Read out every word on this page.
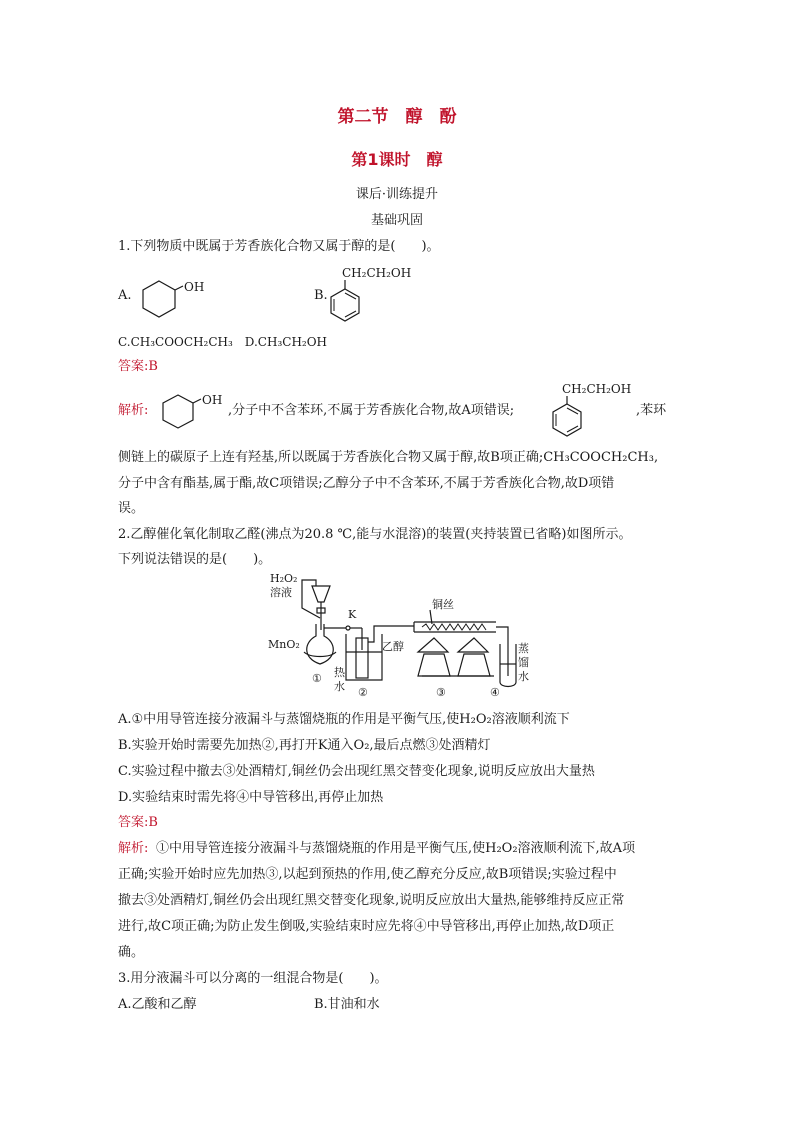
第二节　醇　酚
第1课时　醇
课后·训练提升
基础巩固
1.下列物质中既属于芳香族化合物又属于醇的是(　　)。
A.
OH
B.
CH₂CH₂OH
C.CH₃COOCH₂CH₃　D.CH₃CH₂OH
答案:B
解析:
OH
,分子中不含苯环,不属于芳香族化合物,故A项错误;
CH₂CH₂OH
,苯环
侧链上的碳原子上连有羟基,所以既属于芳香族化合物又属于醇,故B项正确;CH₃COOCH₂CH₃,
分子中含有酯基,属于酯,故C项错误;乙醇分子中不含苯环,不属于芳香族化合物,故D项错
误。
2.乙醇催化氧化制取乙醛(沸点为20.8 ℃,能与水混溶)的装置(夹持装置已省略)如图所示。
下列说法错误的是(　　)。
H₂O₂
溶液
K
铜丝
MnO₂	乙醇
热
水
蒸
馏
水
①
②	③	④
A.①中用导管连接分液漏斗与蒸馏烧瓶的作用是平衡气压,使H₂O₂溶液顺利流下
B.实验开始时需要先加热②,再打开K通入O₂,最后点燃③处酒精灯
C.实验过程中撤去③处酒精灯,铜丝仍会出现红黑交替变化现象,说明反应放出大量热
D.实验结束时需先将④中导管移出,再停止加热
答案:B
解析: ①中用导管连接分液漏斗与蒸馏烧瓶的作用是平衡气压,使H₂O₂溶液顺利流下,故A项
正确;实验开始时应先加热③,以起到预热的作用,使乙醇充分反应,故B项错误;实验过程中
撤去③处酒精灯,铜丝仍会出现红黑交替变化现象,说明反应放出大量热,能够维持反应正常
进行,故C项正确;为防止发生倒吸,实验结束时应先将④中导管移出,再停止加热,故D项正
确。
3.用分液漏斗可以分离的一组混合物是(　　)。
A.乙酸和乙醇	B.甘油和水
